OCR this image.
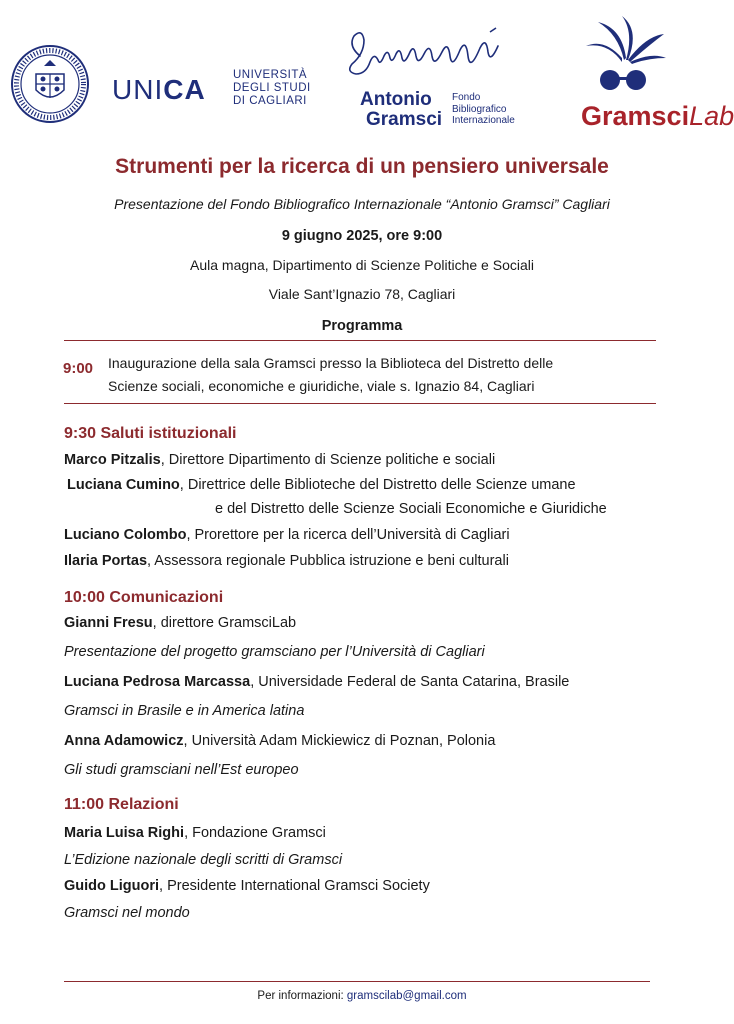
UNICA UNIVERSITÀ
DEGLI STUDI
DI CAGLIARI	Antonio
Gramsci
Fondo
Bibliografico
Internazionale GramsciLab
Strumenti per la ricerca di un pensiero universale
Presentazione del Fondo Bibliografico Internazionale “Antonio Gramsci” Cagliari
9 giugno 2025, ore 9:00
Aula magna, Dipartimento di Scienze Politiche e Sociali
Viale Sant’Ignazio 78, Cagliari
Programma
9:00 Inaugurazione della sala Gramsci presso la Biblioteca del Distretto delle
Scienze sociali, economiche e giuridiche, viale s. Ignazio 84, Cagliari
9:30 Saluti istituzionali
Marco Pitzalis, Direttore Dipartimento di Scienze politiche e sociali
Luciana Cumino, Direttrice delle Biblioteche del Distretto delle Scienze umane
e del Distretto delle Scienze Sociali Economiche e Giuridiche
Luciano Colombo, Prorettore per la ricerca dell’Università di Cagliari
Ilaria Portas, Assessora regionale Pubblica istruzione e beni culturali
10:00 Comunicazioni
Gianni Fresu, direttore GramsciLab
Presentazione del progetto gramsciano per l’Università di Cagliari
Luciana Pedrosa Marcassa, Universidade Federal de Santa Catarina, Brasile
Gramsci in Brasile e in America latina
Anna Adamowicz, Università Adam Mickiewicz di Poznan, Polonia
Gli studi gramsciani nell’Est europeo
11:00 Relazioni
Maria Luisa Righi, Fondazione Gramsci
L’Edizione nazionale degli scritti di Gramsci
Guido Liguori, Presidente International Gramsci Society
Gramsci nel mondo
Per informazioni: gramscilab@gmail.com
